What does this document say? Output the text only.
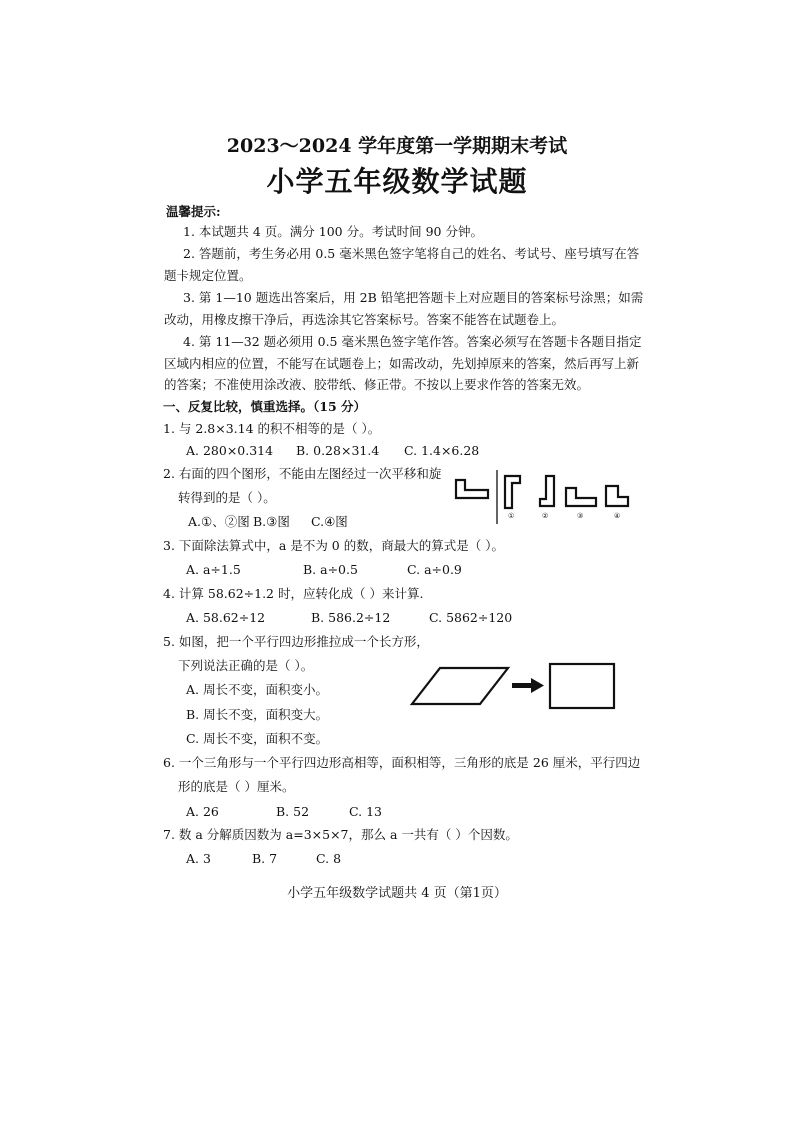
2023～2024 学年度第一学期期末考试
小学五年级数学试题
温馨提示:
1. 本试题共 4 页。满分 100 分。考试时间 90 分钟。
2. 答题前，考生务必用 0.5 毫米黑色签字笔将自己的姓名、考试号、座号填写在答
题卡规定位置。
3. 第 1—10 题选出答案后，用 2B 铅笔把答题卡上对应题目的答案标号涂黑；如需
改动，用橡皮擦干净后，再选涂其它答案标号。答案不能答在试题卷上。
4. 第 11—32 题必须用 0.5 毫米黑色签字笔作答。答案必须写在答题卡各题目指定
区域内相应的位置，不能写在试题卷上；如需改动，先划掉原来的答案，然后再写上新
的答案；不准使用涂改液、胶带纸、修正带。不按以上要求作答的答案无效。
一、反复比较，慎重选择。（15 分）
1. 与 2.8×3.14 的积不相等的是（ ）。
A. 280×0.314 B. 0.28×31.4 C. 1.4×6.28
2. 右面的四个图形，不能由左图经过一次平移和旋
转得到的是（ ）。
A.①、②图 B.③图 C.④图	①	②	③	④
3. 下面除法算式中，a 是不为 0 的数，商最大的算式是（ ）。
A. a÷1.5	B. a÷0.5	C. a÷0.9
4. 计算 58.62÷1.2 时，应转化成（ ）来计算.
A. 58.62÷12	B. 586.2÷12	C. 5862÷120
5. 如图，把一个平行四边形推拉成一个长方形，
下列说法正确的是（ ）。
A. 周长不变，面积变小。
B. 周长不变，面积变大。
C. 周长不变，面积不变。
6. 一个三角形与一个平行四边形高相等，面积相等，三角形的底是 26 厘米，平行四边
形的底是（ ）厘米。
A. 26	B. 52	C. 13
7. 数 a 分解质因数为 a=3×5×7，那么 a 一共有（ ）个因数。
A. 3	B. 7	C. 8
小学五年级数学试题共 4 页（第1页）
